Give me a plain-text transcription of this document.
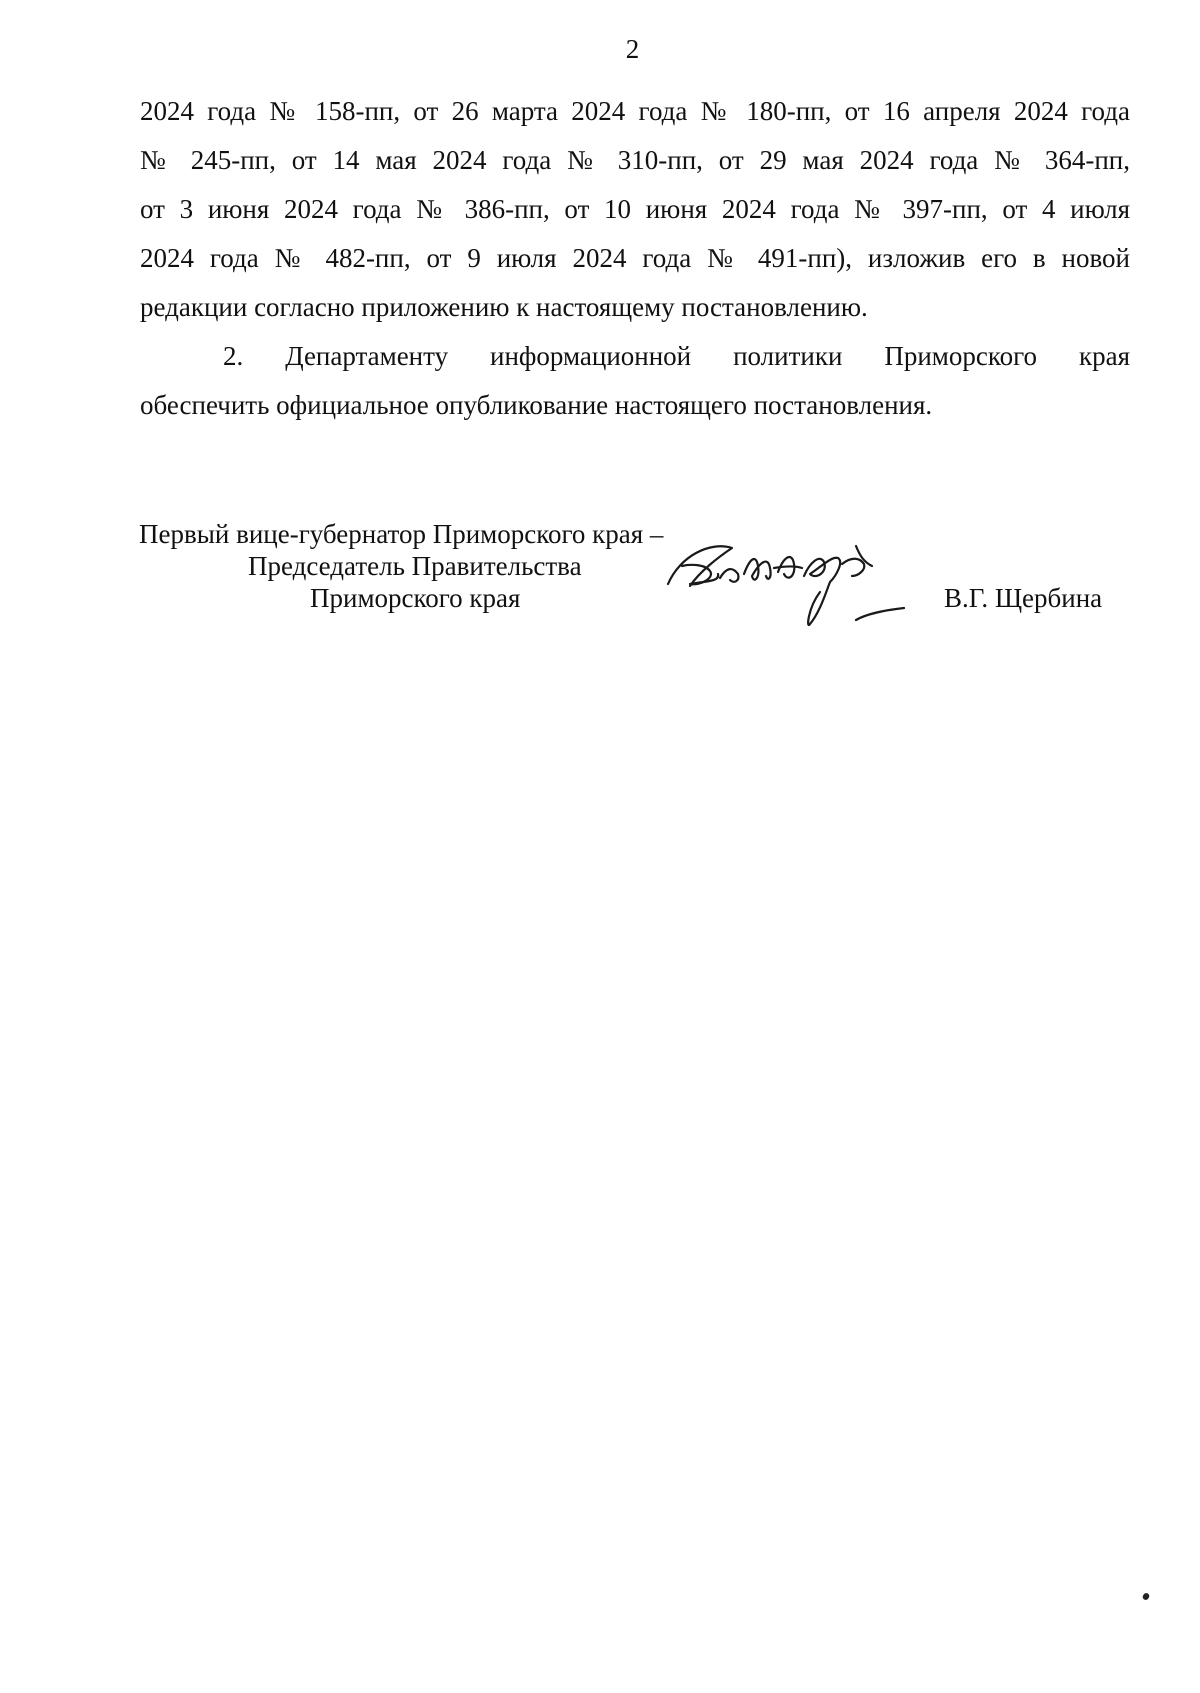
2
2024 года № 158-пп, от 26 марта 2024 года № 180-пп, от 16 апреля 2024 года
№ 245-пп, от 14 мая 2024 года № 310-пп, от 29 мая 2024 года № 364-пп,
от 3 июня 2024 года № 386-пп, от 10 июня 2024 года № 397-пп, от 4 июля
2024 года № 482-пп, от 9 июля 2024 года № 491-пп), изложив его в новой
редакции согласно приложению к настоящему постановлению.
2. Департаменту информационной политики Приморского края
обеспечить официальное опубликование настоящего постановления.
Первый вице-губернатор Приморского края –
Председатель Правительства
Приморского края	В.Г. Щербина
